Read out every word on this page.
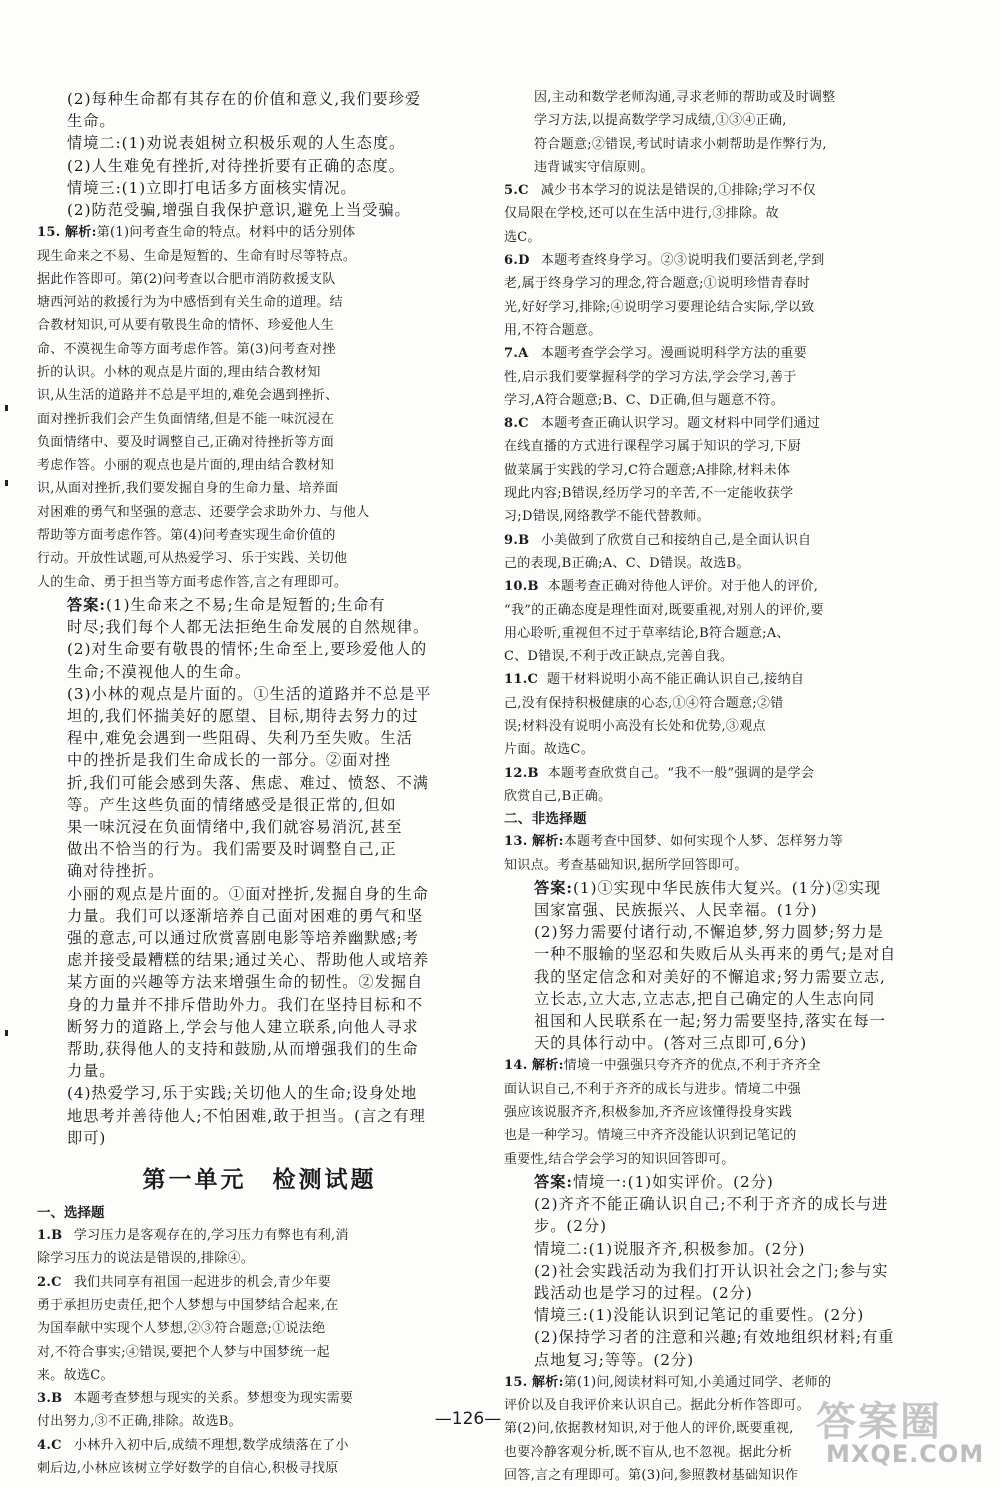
(2)每种生命都有其存在的价值和意义,我们要珍爱
生命。
情境二:(1)劝说表姐树立积极乐观的人生态度。
(2)人生难免有挫折,对待挫折要有正确的态度。
情境三:(1)立即打电话多方面核实情况。
(2)防范受骗,增强自我保护意识,避免上当受骗。
15. 解析:第(1)问考查生命的特点。材料中的话分别体
现生命来之不易、生命是短暂的、生命有时尽等特点。
据此作答即可。第(2)问考查以合肥市消防救援支队
塘西河站的救援行为为中感悟到有关生命的道理。结
合教材知识,可从要有敬畏生命的情怀、珍爱他人生
命、不漠视生命等方面考虑作答。第(3)问考查对挫
折的认识。小林的观点是片面的,理由结合教材知
识,从生活的道路并不总是平坦的,难免会遇到挫折、
面对挫折我们会产生负面情绪,但是不能一味沉浸在
负面情绪中、要及时调整自己,正确对待挫折等方面
考虑作答。小丽的观点也是片面的,理由结合教材知
识,从面对挫折,我们要发掘自身的生命力量、培养面
对困难的勇气和坚强的意志、还要学会求助外力、与他人
帮助等方面考虑作答。第(4)问考查实现生命价值的
行动。开放性试题,可从热爱学习、乐于实践、关切他
人的生命、勇于担当等方面考虑作答,言之有理即可。
答案:(1)生命来之不易;生命是短暂的;生命有
时尽;我们每个人都无法拒绝生命发展的自然规律。
(2)对生命要有敬畏的情怀;生命至上,要珍爱他人的
生命;不漠视他人的生命。
(3)小林的观点是片面的。①生活的道路并不总是平
坦的,我们怀揣美好的愿望、目标,期待去努力的过
程中,难免会遇到一些阻碍、失利乃至失败。生活
中的挫折是我们生命成长的一部分。②面对挫
折,我们可能会感到失落、焦虑、难过、愤怒、不满
等。产生这些负面的情绪感受是很正常的,但如
果一味沉浸在负面情绪中,我们就容易消沉,甚至
做出不恰当的行为。我们需要及时调整自己,正
确对待挫折。
小丽的观点是片面的。①面对挫折,发掘自身的生命
力量。我们可以逐渐培养自己面对困难的勇气和坚
强的意志,可以通过欣赏喜剧电影等培养幽默感;考
虑并接受最糟糕的结果;通过关心、帮助他人或培养
某方面的兴趣等方法来增强生命的韧性。②发掘自
身的力量并不排斥借助外力。我们在坚持目标和不
断努力的道路上,学会与他人建立联系,向他人寻求
帮助,获得他人的支持和鼓励,从而增强我们的生命
力量。
(4)热爱学习,乐于实践;关切他人的生命;设身处地
地思考并善待他人;不怕困难,敢于担当。(言之有理
即可)
第一单元　检测试题
一、选择题
1.B 学习压力是客观存在的,学习压力有弊也有利,消
除学习压力的说法是错误的,排除④。
2.C 我们共同享有祖国一起进步的机会,青少年要
勇于承担历史责任,把个人梦想与中国梦结合起来,在
为国奉献中实现个人梦想,②③符合题意;①说法绝
对,不符合事实;④错误,要把个人梦与中国梦统一起
来。故选C。
3.B 本题考查梦想与现实的关系。梦想变为现实需要
付出努力,③不正确,排除。故选B。
4.C 小林升入初中后,成绩不理想,数学成绩落在了小
刺后边,小林应该树立学好数学的自信心,积极寻找原
因,主动和数学老师沟通,寻求老师的帮助或及时调整
学习方法,以提高数学学习成绩,①③④正确,
符合题意;②错误,考试时请求小刺帮助是作弊行为,
违背诚实守信原则。
5.C 减少书本学习的说法是错误的,①排除;学习不仅
仅局限在学校,还可以在生活中进行,③排除。故
选C。
6.D 本题考查终身学习。②③说明我们要活到老,学到
老,属于终身学习的理念,符合题意;①说明珍惜青春时
光,好好学习,排除;④说明学习要理论结合实际,学以致
用,不符合题意。
7.A 本题考查学会学习。漫画说明科学方法的重要
性,启示我们要掌握科学的学习方法,学会学习,善于
学习,A符合题意;B、C、D正确,但与题意不符。
8.C 本题考查正确认识学习。题文材料中同学们通过
在线直播的方式进行课程学习属于知识的学习,下厨
做菜属于实践的学习,C符合题意;A排除,材料未体
现此内容;B错误,经历学习的辛苦,不一定能收获学
习;D错误,网络教学不能代替教师。
9.B 小美做到了欣赏自己和接纳自己,是全面认识自
己的表现,B正确;A、C、D错误。故选B。
10.B 本题考查正确对待他人评价。对于他人的评价,
“我”的正确态度是理性面对,既要重视,对别人的评价,要
用心聆听,重视但不过于草率结论,B符合题意;A、
C、D错误,不利于改正缺点,完善自我。
11.C 题干材料说明小高不能正确认识自己,接纳自
己,没有保持积极健康的心态,①④符合题意;②错
误;材料没有说明小高没有长处和优势,③观点
片面。故选C。
12.B 本题考查欣赏自己。“我不一般”强调的是学会
欣赏自己,B正确。
二、非选择题
13. 解析:本题考查中国梦、如何实现个人梦、怎样努力等
知识点。考查基础知识,据所学回答即可。
答案:(1)①实现中华民族伟大复兴。(1分)②实现
国家富强、民族振兴、人民幸福。(1分)
(2)努力需要付诸行动,不懈追梦,努力圆梦;努力是
一种不服输的坚忍和失败后从头再来的勇气;是对自
我的坚定信念和对美好的不懈追求;努力需要立志,
立长志,立大志,立志志,把自己确定的人生志向同
祖国和人民联系在一起;努力需要坚持,落实在每一
天的具体行动中。(答对三点即可,6分)
14. 解析:情境一中强强只夸齐齐的优点,不利于齐齐全
面认识自己,不利于齐齐的成长与进步。情境二中强
强应该说服齐齐,积极参加,齐齐应该懂得投身实践
也是一种学习。情境三中齐齐没能认识到记笔记的
重要性,结合学会学习的知识回答即可。
答案:情境一:(1)如实评价。(2分)
(2)齐齐不能正确认识自己;不利于齐齐的成长与进
步。(2分)
情境二:(1)说服齐齐,积极参加。(2分)
(2)社会实践活动为我们打开认识社会之门;参与实
践活动也是学习的过程。(2分)
情境三:(1)没能认识到记笔记的重要性。(2分)
(2)保持学习者的注意和兴趣;有效地组织材料;有重
点地复习;等等。(2分)
15. 解析:第(1)问,阅读材料可知,小美通过同学、老师的
评价以及自我评价来认识自己。据此分析作答即可。
第(2)问,依据教材知识,对于他人的评价,既要重视,
也要冷静客观分析,既不盲从,也不忽视。据此分析
回答,言之有理即可。第(3)问,参照教材基础知识作
—126—	答案圈
MXQE.COM
